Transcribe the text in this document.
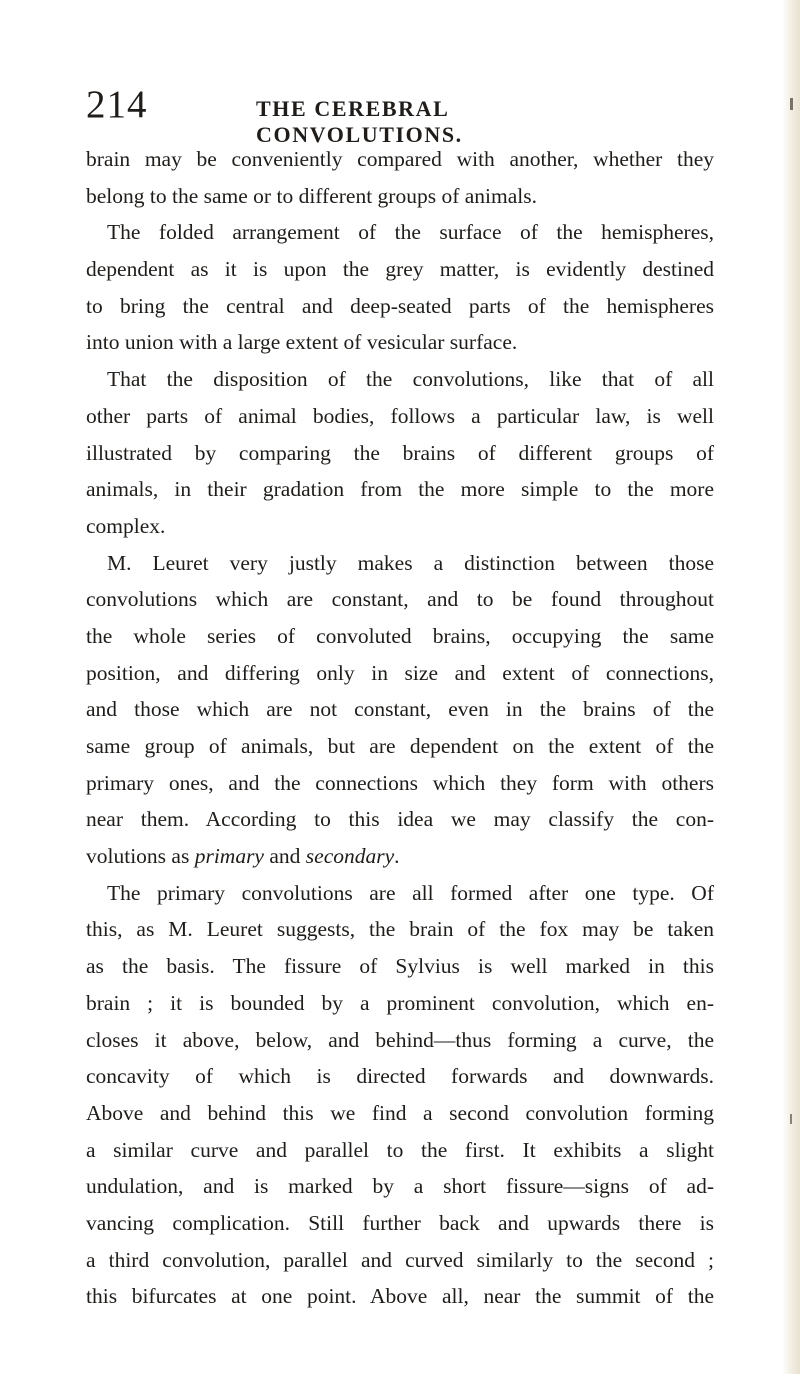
214	THE CEREBRAL CONVOLUTIONS.
brain may be conveniently compared with another, whether they
belong to the same or to different groups of animals.
The folded arrangement of the surface of the hemispheres,
dependent as it is upon the grey matter, is evidently destined
to bring the central and deep-seated parts of the hemispheres
into union with a large extent of vesicular surface.
That the disposition of the convolutions, like that of all
other parts of animal bodies, follows a particular law, is well
illustrated by comparing the brains of different groups of
animals, in their gradation from the more simple to the more
complex.
M. Leuret very justly makes a distinction between those
convolutions which are constant, and to be found throughout
the whole series of convoluted brains, occupying the same
position, and differing only in size and extent of connections,
and those which are not constant, even in the brains of the
same group of animals, but are dependent on the extent of the
primary ones, and the connections which they form with others
near them. According to this idea we may classify the con-
volutions as primary and secondary.
The primary convolutions are all formed after one type. Of
this, as M. Leuret suggests, the brain of the fox may be taken
as the basis. The fissure of Sylvius is well marked in this
brain ; it is bounded by a prominent convolution, which en-
closes it above, below, and behind—thus forming a curve, the
concavity of which is directed forwards and downwards.
Above and behind this we find a second convolution forming
a similar curve and parallel to the first. It exhibits a slight
undulation, and is marked by a short fissure—signs of ad-
vancing complication. Still further back and upwards there is
a third convolution, parallel and curved similarly to the second ;
this bifurcates at one point. Above all, near the summit of the
